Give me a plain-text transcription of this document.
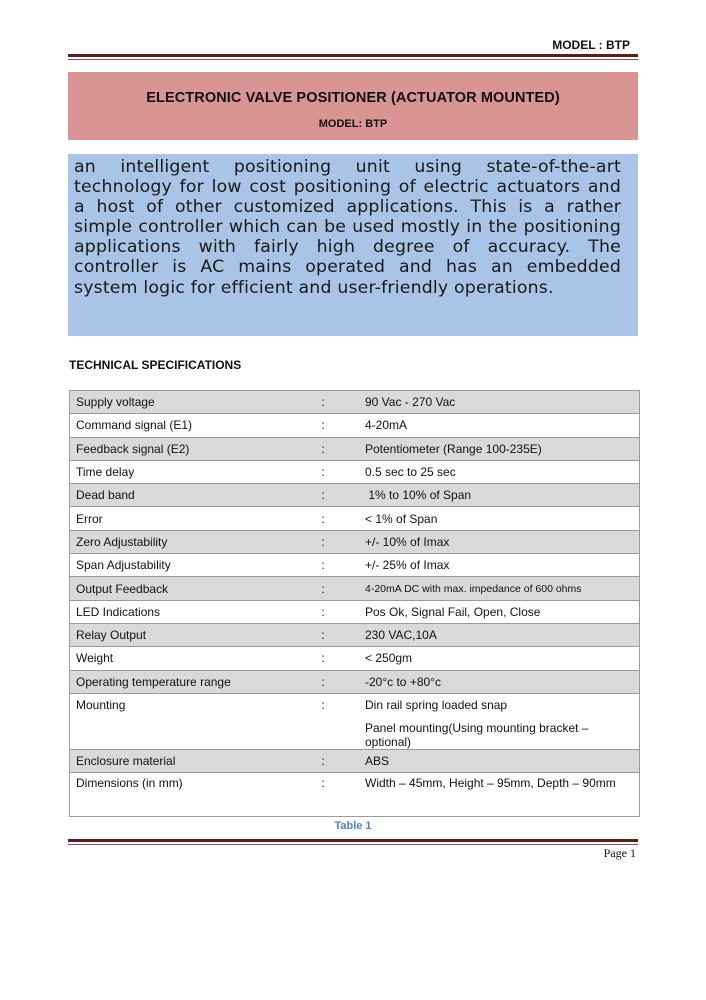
MODEL : BTP
ELECTRONIC VALVE POSITIONER (ACTUATOR MOUNTED)
MODEL: BTP
an intelligent positioning unit using state-of-the-art technology for low cost positioning of electric actuators and a host of other customized applications. This is a rather simple controller which can be used mostly in the positioning applications with fairly high degree of accuracy. The controller is AC mains operated and has an embedded system logic for efficient and user-friendly operations.
TECHNICAL SPECIFICATIONS
Supply voltage	:	90 Vac - 270 Vac
Command signal (E1)	:	4-20mA
Feedback signal (E2)	:	Potentiometer (Range 100-235E)
Time delay	:	0.5 sec to 25 sec
Dead band	:	1% to 10% of Span
Error	:	< 1% of Span
Zero Adjustability	:	+/- 10% of Imax
Span Adjustability	:	+/- 25% of Imax
Output Feedback	:	4-20mA DC with max. impedance of 600 ohms
LED Indications	:	Pos Ok, Signal Fail, Open, Close
Relay Output	:	230 VAC,10A
Weight	:	< 250gm
Operating temperature range	:	-20°c to +80°c
Mounting	:	Din rail spring loaded snap
Panel mounting(Using mounting bracket – optional)

Enclosure material	:	ABS
Dimensions (in mm)	:	Width – 45mm, Height – 95mm, Depth – 90mm
Table 1
Page 1
